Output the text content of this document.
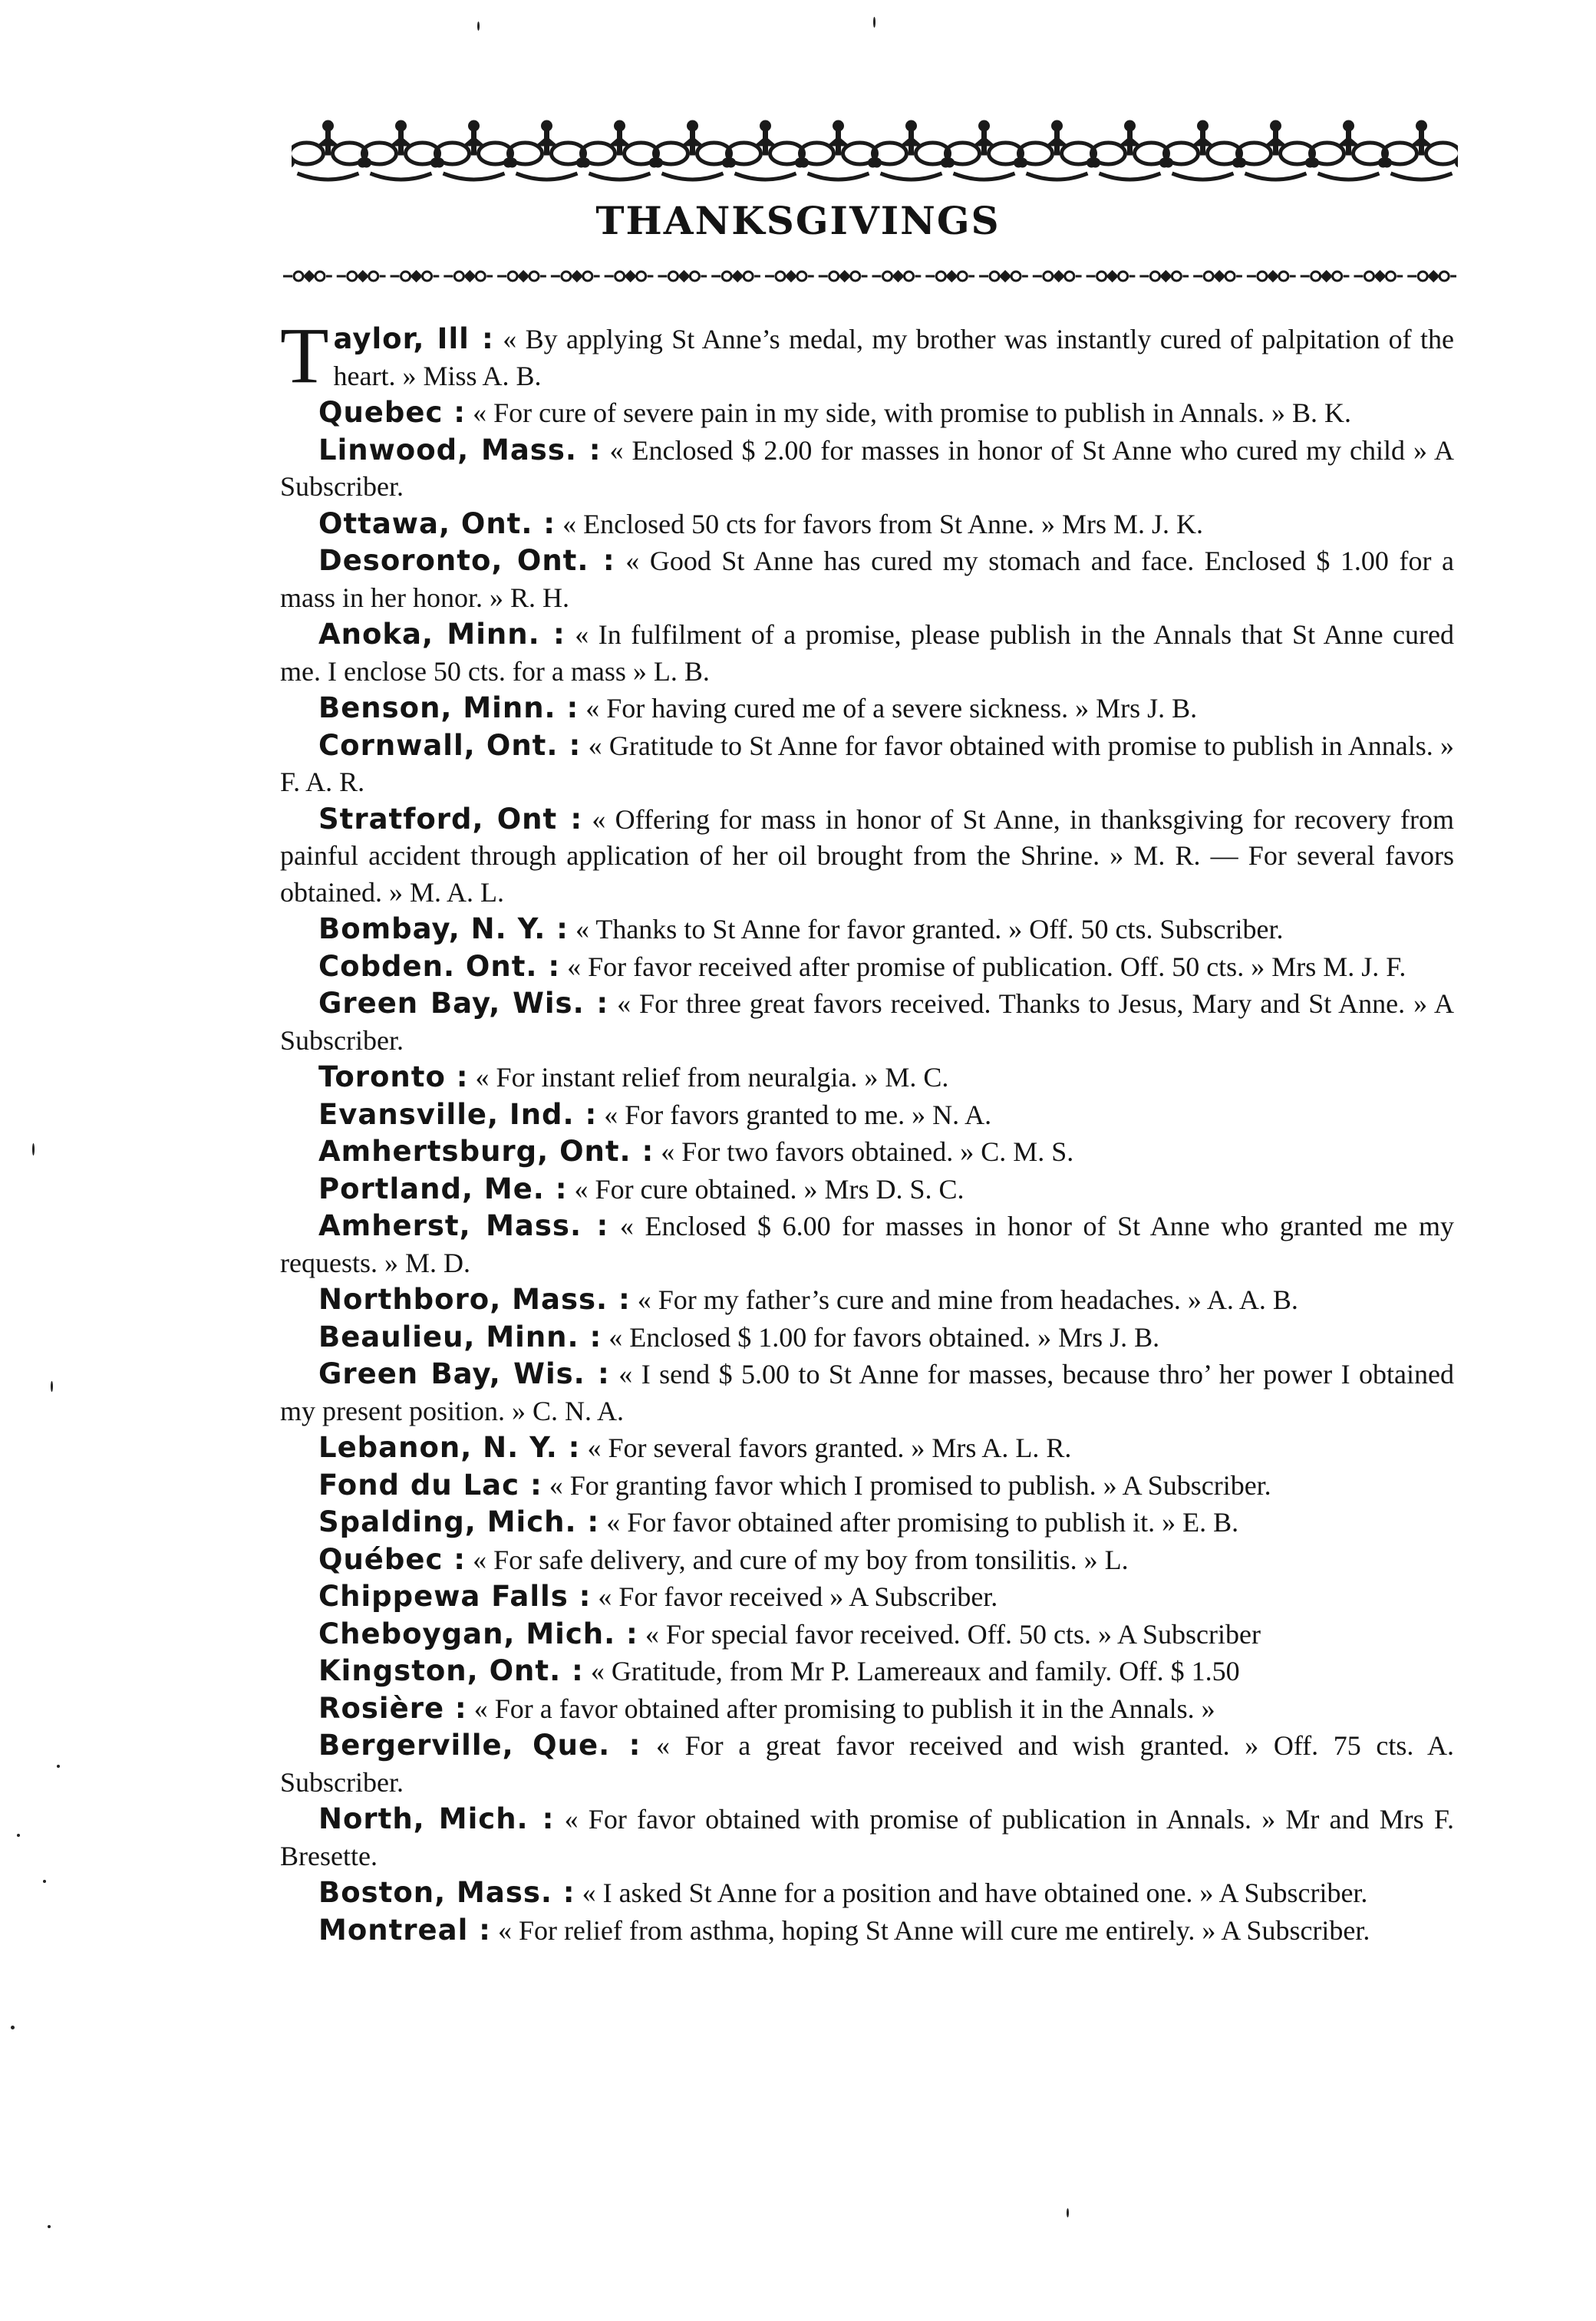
THANKSGIVINGS

Taylor, Ill : « By applying St Anne’s medal, my brother was instantly cured of palpitation of the heart. » Miss A. B.

Quebec : « For cure of severe pain in my side, with promise to publish in Annals. » B. K.

Linwood, Mass. : « Enclosed $ 2.00 for masses in honor of St Anne who cured my child » A Subscriber.

Ottawa, Ont. : « Enclosed 50 cts for favors from St Anne. » Mrs M. J. K.

Desoronto, Ont. : « Good St Anne has cured my stomach and face. Enclosed $ 1.00 for a mass in her honor. » R. H.

Anoka, Minn. : « In fulfilment of a promise, please publish in the Annals that St Anne cured me. I enclose 50 cts. for a mass » L. B.

Benson, Minn. : « For having cured me of a severe sickness. » Mrs J. B.

Cornwall, Ont. : « Gratitude to St Anne for favor obtained with promise to publish in Annals. » F. A. R.

Stratford, Ont : « Offering for mass in honor of St Anne, in thanksgiving for recovery from painful accident through application of her oil brought from the Shrine. » M. R. — For several favors obtained. » M. A. L.

Bombay, N. Y. : « Thanks to St Anne for favor granted. » Off. 50 cts. Subscriber.

Cobden. Ont. : « For favor received after promise of publication. Off. 50 cts. » Mrs M. J. F.

Green Bay, Wis. : « For three great favors received. Thanks to Jesus, Mary and St Anne. » A Subscriber.

Toronto : « For instant relief from neuralgia. » M. C.

Evansville, Ind. : « For favors granted to me. » N. A.

Amhertsburg, Ont. : « For two favors obtained. » C. M. S.

Portland, Me. : « For cure obtained. » Mrs D. S. C.

Amherst, Mass. : « Enclosed $ 6.00 for masses in honor of St Anne who granted me my requests. » M. D.

Northboro, Mass. : « For my father’s cure and mine from headaches. » A. A. B.

Beaulieu, Minn. : « Enclosed $ 1.00 for favors obtained. » Mrs J. B.

Green Bay, Wis. : « I send $ 5.00 to St Anne for masses, because thro’ her power I obtained my present position. » C. N. A.

Lebanon, N. Y. : « For several favors granted. » Mrs A. L. R.

Fond du Lac : « For granting favor which I promised to publish. » A Subscriber.

Spalding, Mich. : « For favor obtained after promising to publish it. » E. B.

Québec : « For safe delivery, and cure of my boy from tonsilitis. » L.

Chippewa Falls : « For favor received » A Subscriber.

Cheboygan, Mich. : « For special favor received. Off. 50 cts. » A Subscriber

Kingston, Ont. : « Gratitude, from Mr P. Lamereaux and family. Off. $ 1.50

Rosière : « For a favor obtained after promising to publish it in the Annals. »

Bergerville, Que. : « For a great favor received and wish granted. » Off. 75 cts. A. Subscriber.

North, Mich. : « For favor obtained with promise of publication in Annals. » Mr and Mrs F. Bresette.

Boston, Mass. : « I asked St Anne for a position and have obtained one. » A Subscriber.

Montreal : « For relief from asthma, hoping St Anne will cure me entirely. » A Subscriber.
